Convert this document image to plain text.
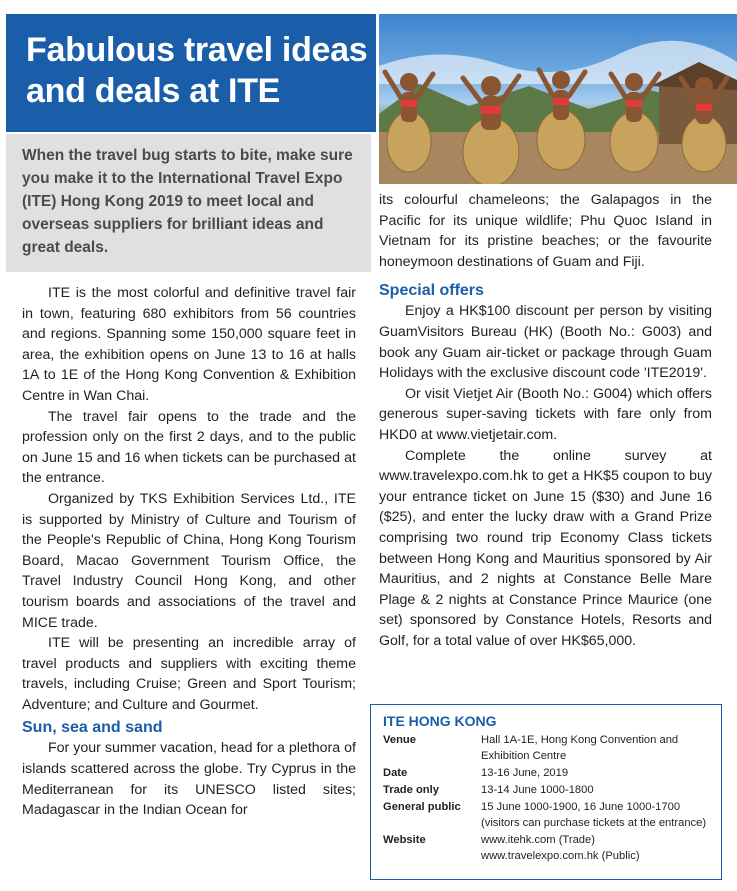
Fabulous travel ideas
and deals at ITE

When the travel bug starts to bite, make sure you make it to the International Travel Expo (ITE) Hong Kong 2019 to meet local and overseas suppliers for brilliant ideas and great deals.

ITE is the most colorful and definitive travel fair in town, featuring 680 exhibitors from 56 countries and regions. Spanning some 150,000 square feet in area, the exhibition opens on June 13 to 16 at halls 1A to 1E of the Hong Kong Convention & Exhibition Centre in Wan Chai.

The travel fair opens to the trade and the profession only on the first 2 days, and to the public on June 15 and 16 when tickets can be purchased at the entrance.

Organized by TKS Exhibition Services Ltd., ITE is supported by Ministry of Culture and Tourism of the People's Republic of China, Hong Kong Tourism Board, Macao Government Tourism Office, the Travel Industry Council Hong Kong, and other tourism boards and associations of the travel and MICE trade.

ITE will be presenting an incredible array of travel products and suppliers with exciting theme travels, including Cruise; Green and Sport Tourism; Adventure; and Culture and Gourmet.

Sun, sea and sand

For your summer vacation, head for a plethora of islands scattered across the globe. Try Cyprus in the Mediterranean for its UNESCO listed sites; Madagascar in the Indian Ocean for

its colourful chameleons; the Galapagos in the Pacific for its unique wildlife; Phu Quoc Island in Vietnam for its pristine beaches; or the favourite honeymoon destinations of Guam and Fiji.

Special offers

Enjoy a HK$100 discount per person by visiting GuamVisitors Bureau (HK) (Booth No.: G003) and book any Guam air-ticket or package through Guam Holidays with the exclusive discount code 'ITE2019'.

Or visit Vietjet Air (Booth No.: G004) which offers generous super-saving tickets with fare only from HKD0 at www.vietjetair.com.

Complete the online survey at www.travelexpo.com.hk to get a HK$5 coupon to buy your entrance ticket on June 15 ($30) and June 16 ($25), and enter the lucky draw with a Grand Prize comprising two round trip Economy Class tickets between Hong Kong and Mauritius sponsored by Air Mauritius, and 2 nights at Constance Belle Mare Plage & 2 nights at Constance Prince Maurice (one set) sponsored by Constance Hotels, Resorts and Golf, for a total value of over HK$65,000.

ITE HONG KONG
Venue	Hall 1A-1E, Hong Kong Convention and
Exhibition Centre
Date	13-16 June, 2019
Trade only	13-14 June 1000-1800
General public	15 June 1000-1900, 16 June 1000-1700
(visitors can purchase tickets at the entrance)
Website	www.itehk.com (Trade)
www.travelexpo.com.hk (Public)
